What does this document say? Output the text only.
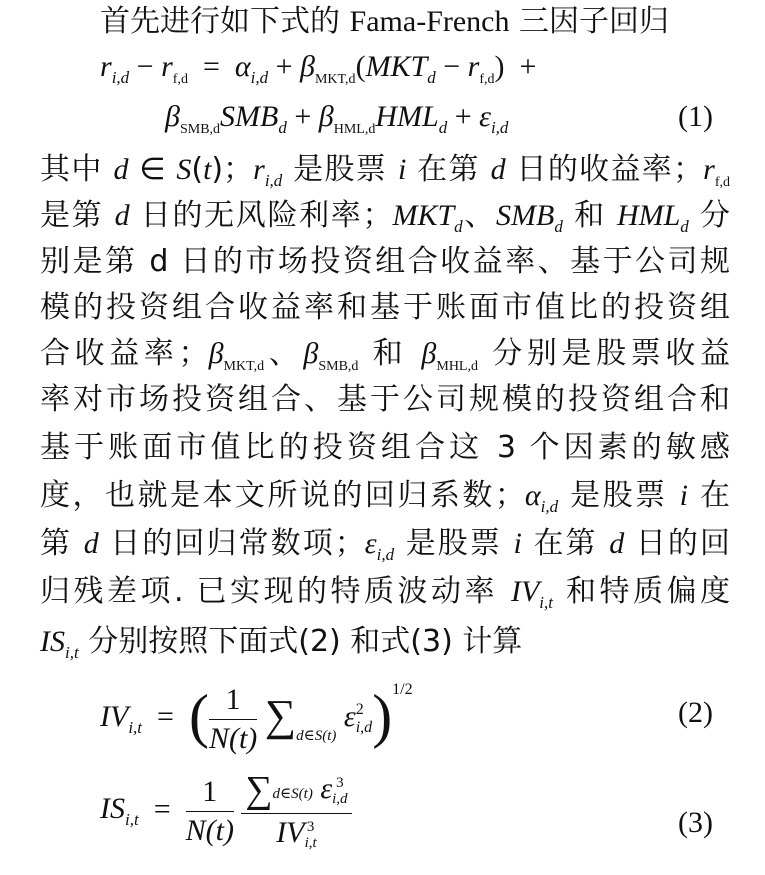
首先进行如下式的 Fama-French 三因子回归
$r_{i,d} - r_{f,d} = \alpha_{i,d} + \beta_{MKT,d}(MKT_d - r_{f,d})$  +
$\beta_{SMB,d}SMB_d + \beta_{HML,d}HML_d + \varepsilon_{i,d}$	(1)
其中 d ∈ S(t)；$r_{i,d}$ 是股票 i 在第 d 日的收益率；$r_{f,d}$
是第 d 日的无风险利率；$MKT_d$、$SMB_d$ 和 $HML_d$ 分
别是第 d 日的市场投资组合收益率、基于公司规
模的投资组合收益率和基于账面市值比的投资组
合收益率；$\beta_{MKT,d}$、$\beta_{SMB,d}$ 和 $\beta_{MHL,d}$ 分别是股票收益
率对市场投资组合、基于公司规模的投资组合和
基于账面市值比的投资组合这 3 个因素的敏感
度，也就是本文所说的回归系数；$\alpha_{i,d}$ 是股票 i 在
第 d 日的回归常数项；$\varepsilon_{i,d}$ 是股票 i 在第 d 日的回
归残差项. 已实现的特质波动率 $IV_{i,t}$ 和特质偏度
$IS_{i,t}$ 分别按照下面式(2) 和式(3) 计算
$IV_{i,t}$  =  ( $\frac{1}{N(t)} \sum_{d\in S(t)}$ ε 2
i,d )$^{1/2}$
(2)
$IS_{i,t} = \frac{1}{N(t)}$
∑d∈S(t) ε 3
i,d
IV 3
i,t	(3)
